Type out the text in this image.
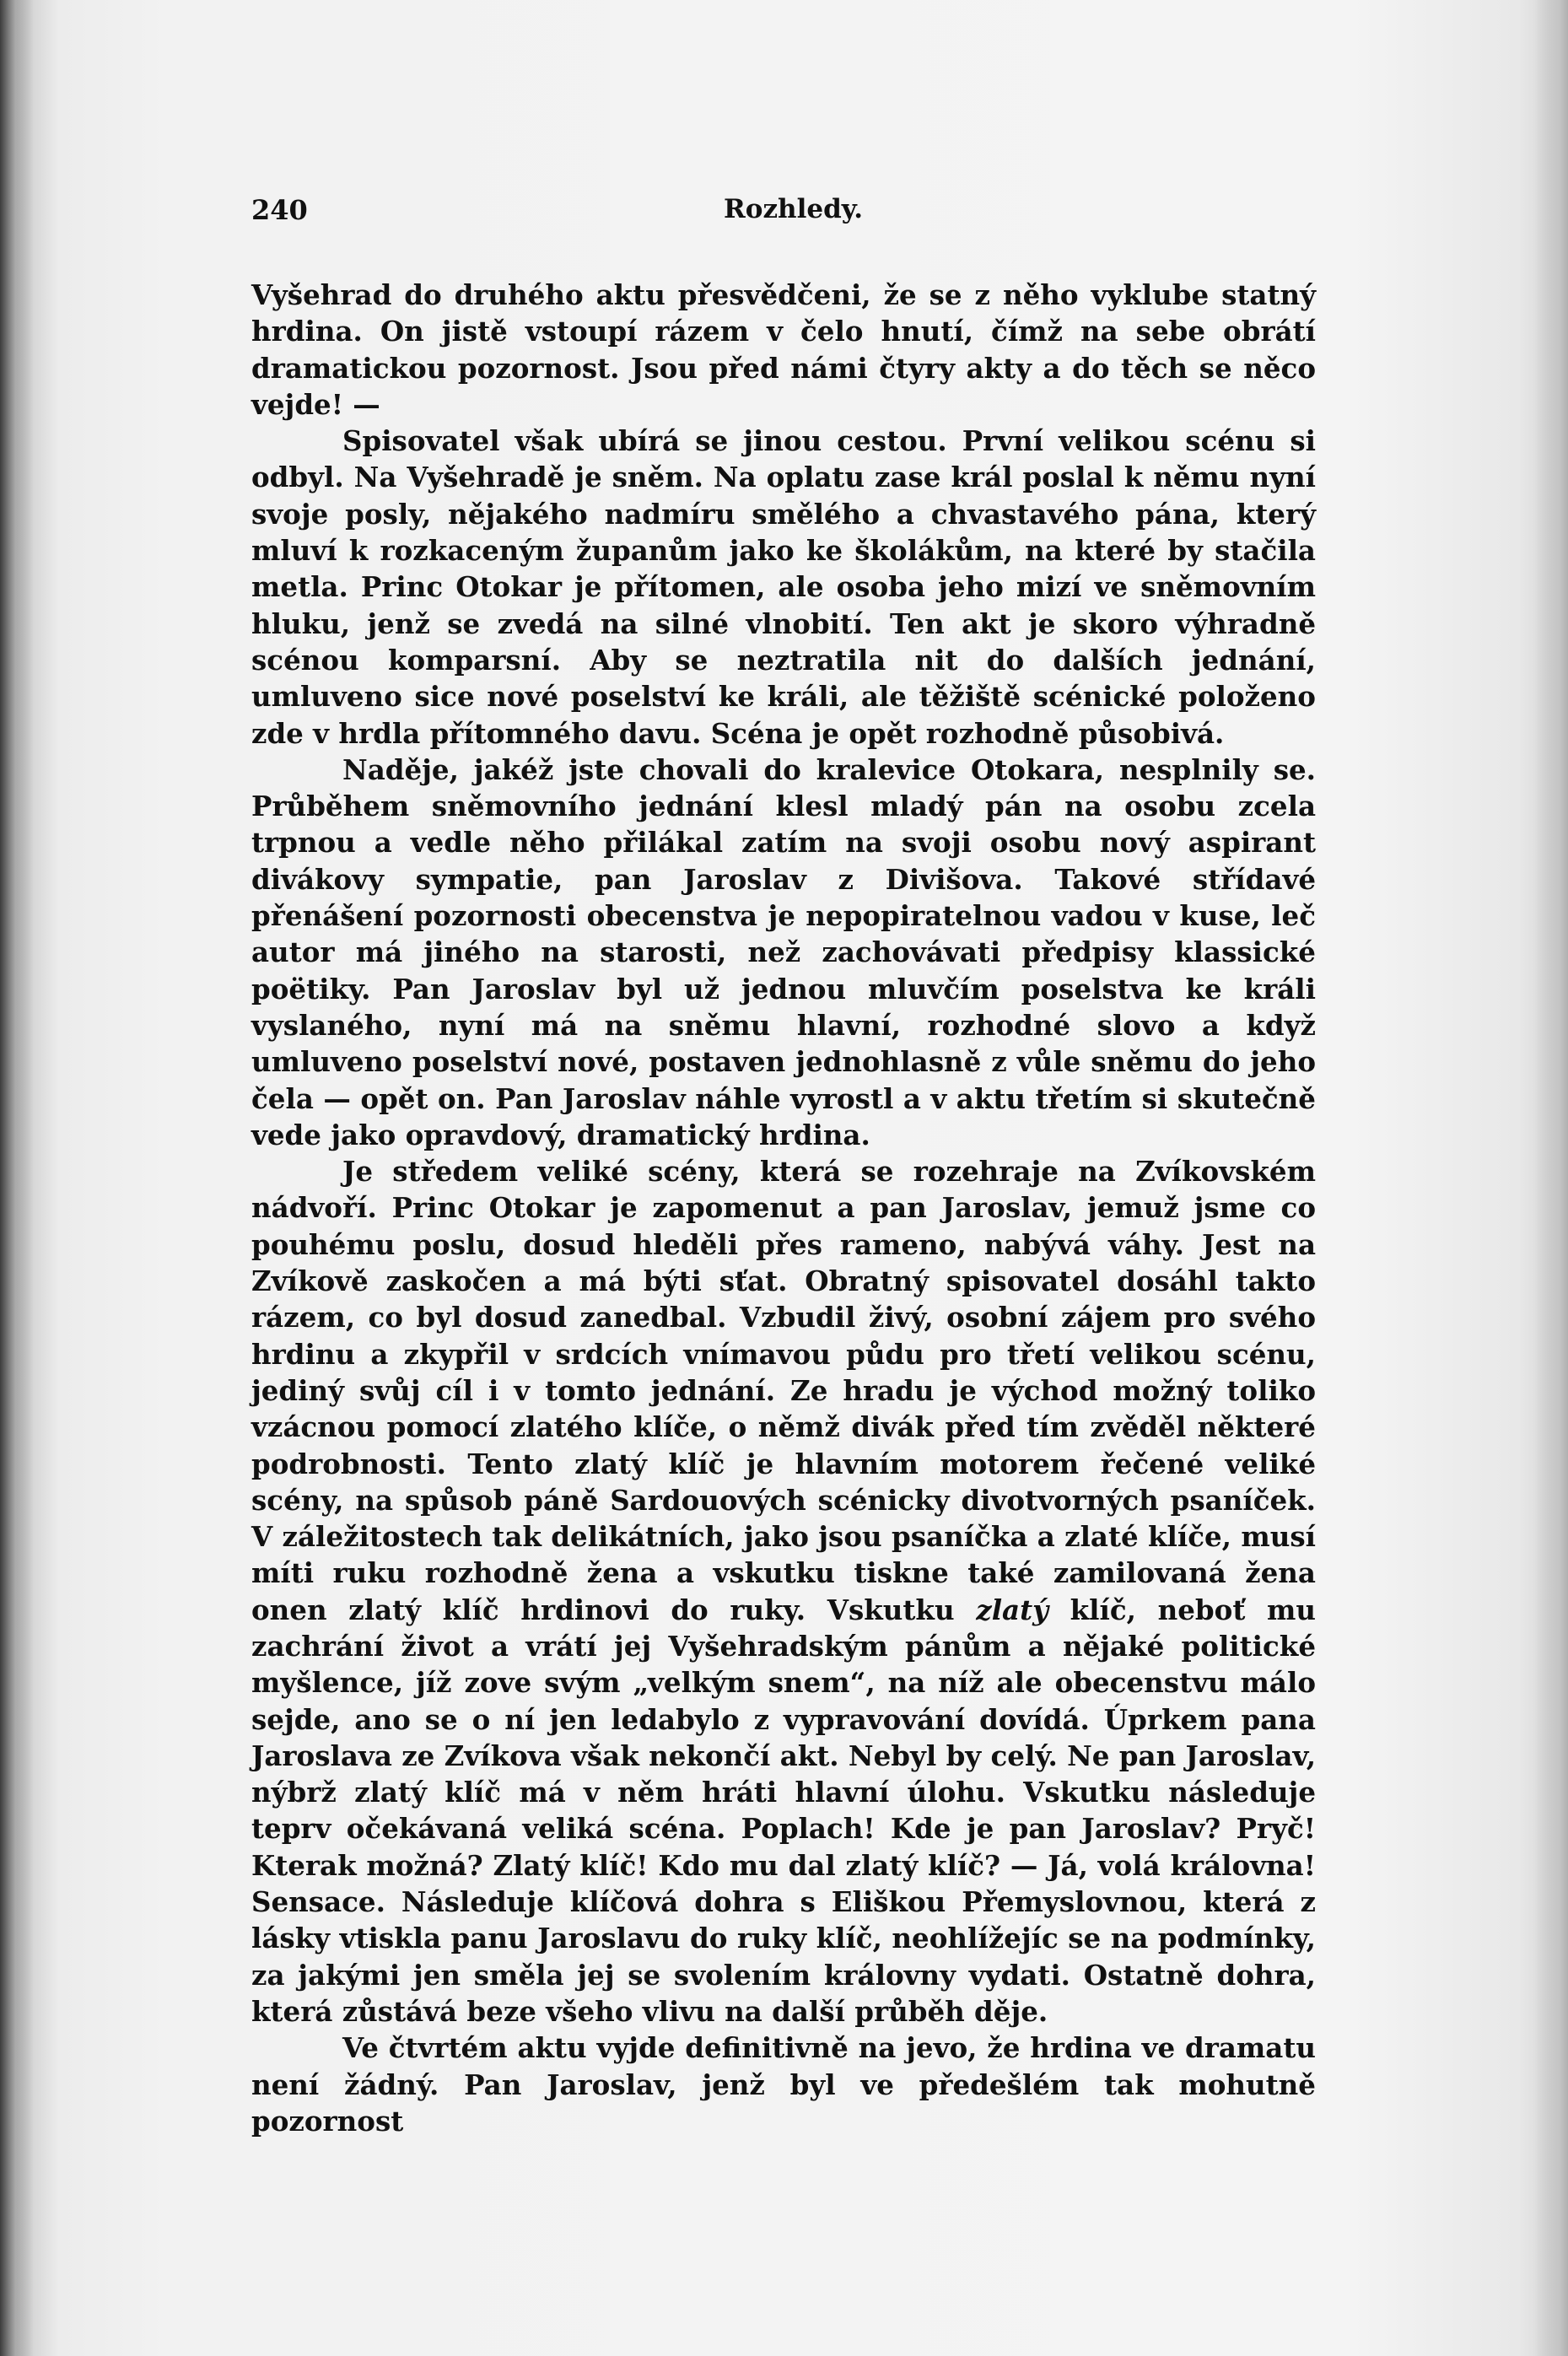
240	Rozhledy.

Vyšehrad do druhého aktu přesvědčeni, že se z něho vyklube statný hrdina. On jistě vstoupí rázem v čelo hnutí, čímž na sebe obrátí dramatickou pozornost. Jsou před námi čtyry akty a do těch se něco vejde! —

Spisovatel však ubírá se jinou cestou. První velikou scénu si odbyl. Na Vyšehradě je sněm. Na oplatu zase král poslal k němu nyní svoje posly, nějakého nadmíru smělého a chvastavého pána, který mluví k rozkaceným županům jako ke školákům, na které by stačila metla. Princ Otokar je přítomen, ale osoba jeho mizí ve sněmovním hluku, jenž se zvedá na silné vlnobití. Ten akt je skoro výhradně scénou komparsní. Aby se neztratila nit do dalších jednání, umluveno sice nové poselství ke králi, ale těžiště scénické položeno zde v hrdla přítomného davu. Scéna je opět rozhodně působivá.

Naděje, jakéž jste chovali do kralevice Otokara, nesplnily se. Průběhem sněmovního jednání klesl mladý pán na osobu zcela trpnou a vedle něho přilákal zatím na svoji osobu nový aspirant divákovy sympatie, pan Jaroslav z Divišova. Takové střídavé přenášení pozornosti obecenstva je nepopiratelnou vadou v kuse, leč autor má jiného na starosti, než zachovávati předpisy klassické poëtiky. Pan Jaroslav byl už jednou mluvčím poselstva ke králi vyslaného, nyní má na sněmu hlavní, rozhodné slovo a když umluveno poselství nové, postaven jednohlasně z vůle sněmu do jeho čela — opět on. Pan Jaroslav náhle vyrostl a v aktu třetím si skutečně vede jako opravdový, dramatický hrdina.

Je středem veliké scény, která se rozehraje na Zvíkovském nádvoří. Princ Otokar je zapomenut a pan Jaroslav, jemuž jsme co pouhému poslu, dosud hleděli přes rameno, nabývá váhy. Jest na Zvíkově zaskočen a má býti sťat. Obratný spisovatel dosáhl takto rázem, co byl dosud zanedbal. Vzbudil živý, osobní zájem pro svého hrdinu a zkypřil v srdcích vnímavou půdu pro třetí velikou scénu, jediný svůj cíl i v tomto jednání. Ze hradu je východ možný toliko vzácnou pomocí zlatého klíče, o němž divák před tím zvěděl některé podrobnosti. Tento zlatý klíč je hlavním motorem řečené veliké scény, na spůsob páně Sardouových scénicky divotvorných psaníček. V záležitostech tak delikátních, jako jsou psaníčka a zlaté klíče, musí míti ruku rozhodně žena a vskutku tiskne také zamilovaná žena onen zlatý klíč hrdinovi do ruky. Vskutku zlatý klíč, neboť mu zachrání život a vrátí jej Vyšehradským pánům a nějaké politické myšlence, jíž zove svým „velkým snem“, na níž ale obecenstvu málo sejde, ano se o ní jen ledabylo z vypravování dovídá. Úprkem pana Jaroslava ze Zvíkova však nekončí akt. Nebyl by celý. Ne pan Jaroslav, nýbrž zlatý klíč má v něm hráti hlavní úlohu. Vskutku následuje teprv očekávaná veliká scéna. Poplach! Kde je pan Jaroslav? Pryč! Kterak možná? Zlatý klíč! Kdo mu dal zlatý klíč? — Já, volá královna! Sensace. Následuje klíčová dohra s Eliškou Přemyslovnou, která z lásky vtiskla panu Jaroslavu do ruky klíč, neohlížejíc se na podmínky, za jakými jen směla jej se svolením královny vydati. Ostatně dohra, která zůstává beze všeho vlivu na další průběh děje.

Ve čtvrtém aktu vyjde definitivně na jevo, že hrdina ve dramatu není žádný. Pan Jaroslav, jenž byl ve předešlém tak mohutně pozornost
